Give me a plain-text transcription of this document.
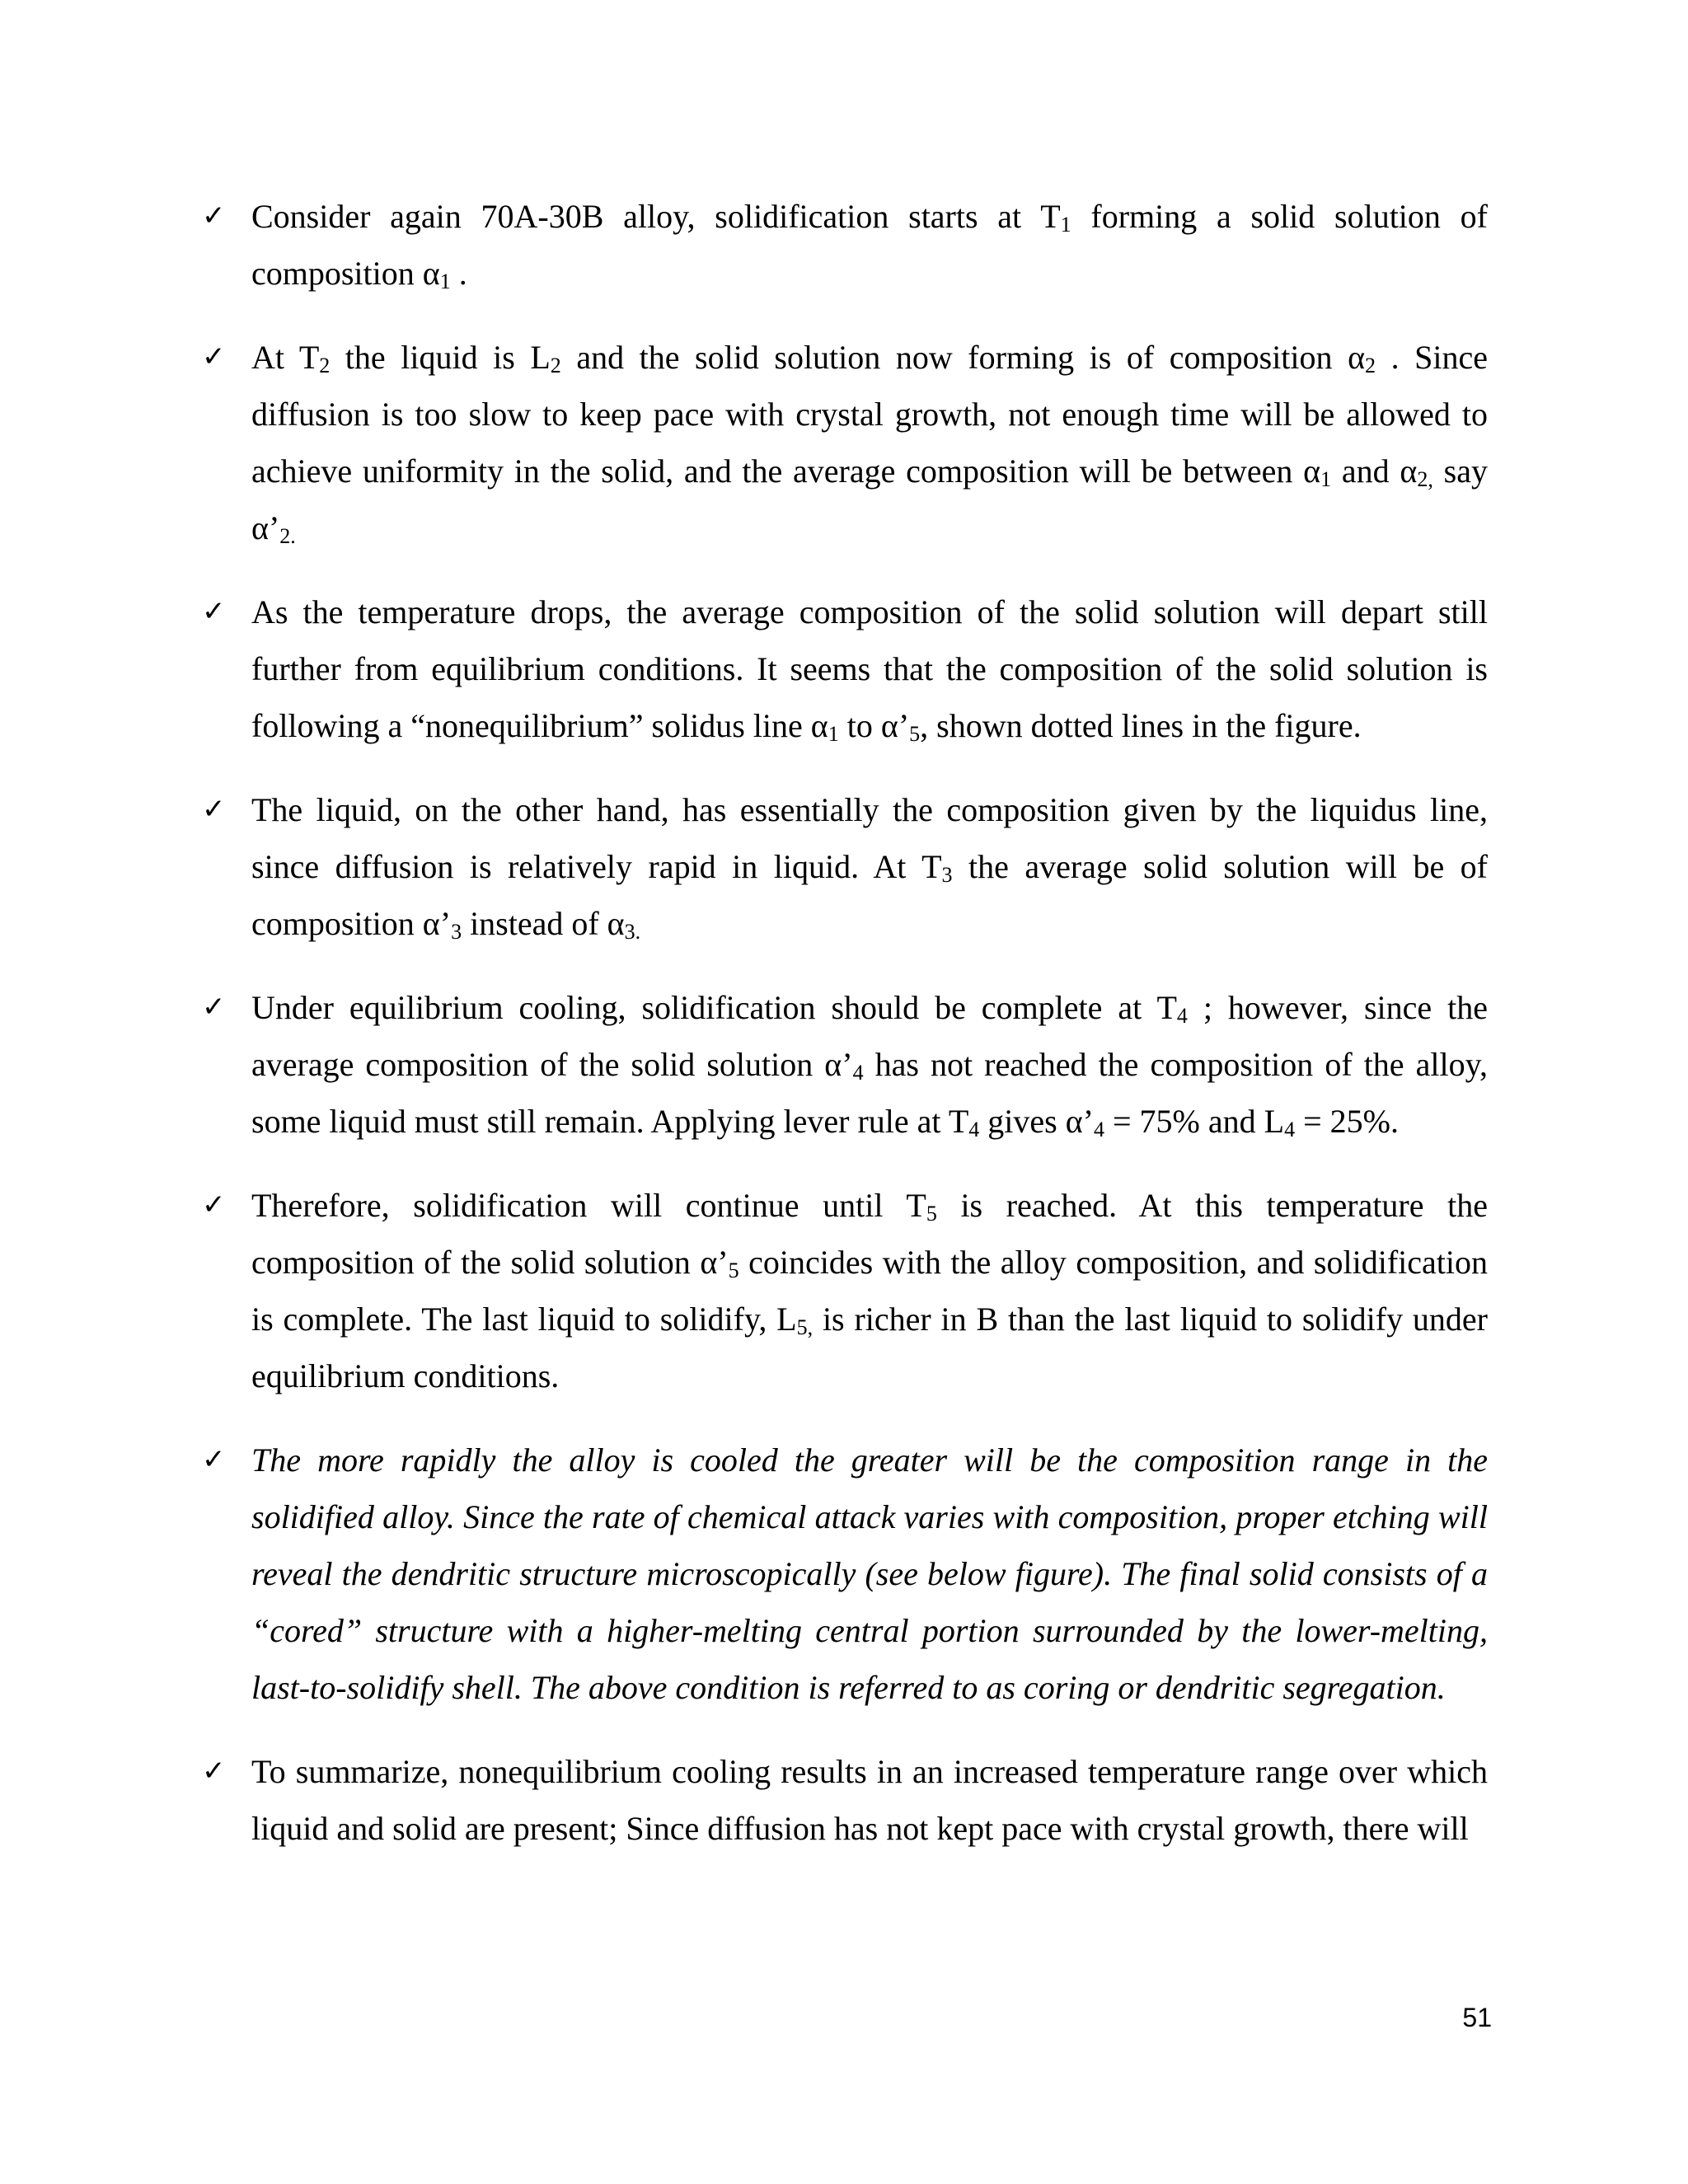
✓ Consider again 70A-30B alloy, solidification starts at $T_1$ forming a solid solution of composition $\alpha_1$ .
✓ At $T_2$ the liquid is $L_2$ and the solid solution now forming is of composition $\alpha_2$ . Since diffusion is too slow to keep pace with crystal growth, not enough time will be allowed to achieve uniformity in the solid, and the average composition will be between $\alpha_1$ and $\alpha_{2,}$ say $\alpha’_{2.}$
✓ As the temperature drops, the average composition of the solid solution will depart still further from equilibrium conditions. It seems that the composition of the solid solution is following a “nonequilibrium” solidus line $\alpha_1$ to $\alpha’_5$, shown dotted lines in the figure.
✓ The liquid, on the other hand, has essentially the composition given by the liquidus line, since diffusion is relatively rapid in liquid. At $T_3$ the average solid solution will be of composition $\alpha’_3$ instead of $\alpha_{3.}$
✓ Under equilibrium cooling, solidification should be complete at $T_4$ ; however, since the average composition of the solid solution $\alpha’_4$ has not reached the composition of the alloy, some liquid must still remain. Applying lever rule at $T_4$ gives $\alpha’_4 = 75\%$ and $L_4 = 25\%$.
✓ Therefore, solidification will continue until $T_5$ is reached. At this temperature the composition of the solid solution $\alpha’_5$ coincides with the alloy composition, and solidification is complete. The last liquid to solidify, $L_{5,}$ is richer in B than the last liquid to solidify under equilibrium conditions.
✓ The more rapidly the alloy is cooled the greater will be the composition range in the solidified alloy. Since the rate of chemical attack varies with composition, proper etching will reveal the dendritic structure microscopically (see below figure). The final solid consists of a “cored” structure with a higher-melting central portion surrounded by the lower-melting, last-to-solidify shell. The above condition is referred to as coring or dendritic segregation.
✓ To summarize, nonequilibrium cooling results in an increased temperature range over which liquid and solid are present; Since diffusion has not kept pace with crystal growth, there will
51
